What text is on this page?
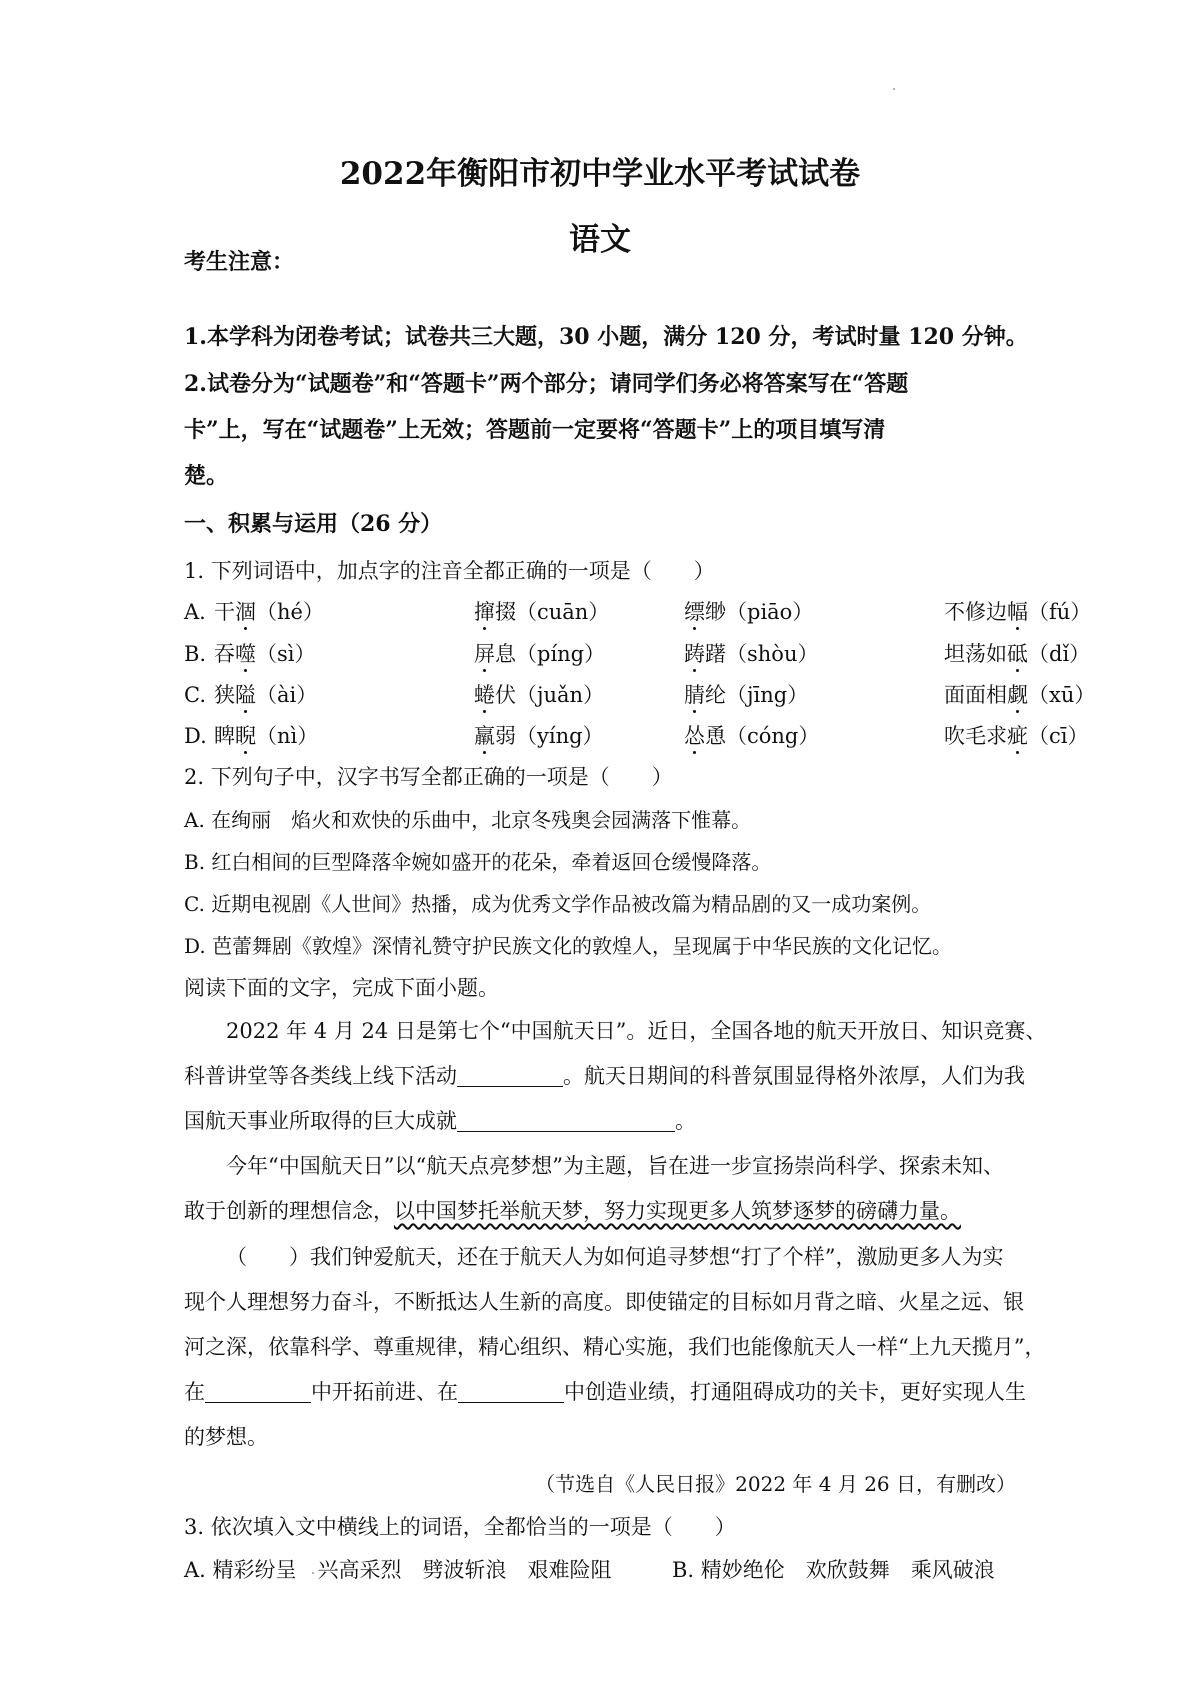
2022年衡阳市初中学业水平考试试卷
语文
考生注意：
1.本学科为闭卷考试；试卷共三大题，30 小题，满分 120 分，考试时量 120 分钟。
2.试卷分为“试题卷”和“答题卡”两个部分；请同学们务必将答案写在“答题
卡”上，写在“试题卷”上无效；答题前一定要将“答题卡”上的项目填写清
楚。
一、积累与运用（26 分）
1. 下列词语中，加点字的注音全都正确的一项是（　　）
A. 干涸（hé）	撺掇（cuān）	缥缈（piāo）	不修边幅（fú）
B. 吞噬（sì）	屏息（píng）	踌躇（shòu）	坦荡如砥（dǐ）
C. 狭隘（ài）	蜷伏（juǎn）	腈纶（jīng）	面面相觑（xū）
D. 睥睨（nì）	羸弱（yíng）	怂恿（cóng）	吹毛求疵（cī）
2. 下列句子中，汉字书写全都正确的一项是（　　）
A. 在绚丽　焰火和欢快的乐曲中，北京冬残奥会园满落下惟幕。
B. 红白相间的巨型降落伞婉如盛开的花朵，牵着返回仓缓慢降落。
C. 近期电视剧《人世间》热播，成为优秀文学作品被改篇为精品剧的又一成功案例。
D. 芭蕾舞剧《敦煌》深情礼赞守护民族文化的敦煌人，呈现属于中华民族的文化记忆。
阅读下面的文字，完成下面小题。
2022 年 4 月 24 日是第七个“中国航天日”。近日，全国各地的航天开放日、知识竞赛、
科普讲堂等各类线上线下活动	。航天日期间的科普氛围显得格外浓厚，人们为我
国航天事业所取得的巨大成就	。
今年“中国航天日”以“航天点亮梦想”为主题，旨在进一步宣扬崇尚科学、探索未知、
敢于创新的理想信念，以中国梦托举航天梦，努力实现更多人筑梦逐梦的磅礴力量。
（　　）我们钟爱航天，还在于航天人为如何追寻梦想“打了个样”，激励更多人为实
现个人理想努力奋斗，不断抵达人生新的高度。即使锚定的目标如月背之暗、火星之远、银
河之深，依靠科学、尊重规律，精心组织、精心实施，我们也能像航天人一样“上九天揽月”，
在	中开拓前进、在	中创造业绩，打通阻碍成功的关卡，更好实现人生
的梦想。
（节选自《人民日报》2022 年 4 月 26 日，有删改）
3. 依次填入文中横线上的词语，全都恰当的一项是（　　）
A. 精彩纷呈　兴高采烈　劈波斩浪　艰难险阻	B. 精妙绝伦　欢欣鼓舞　乘风破浪
